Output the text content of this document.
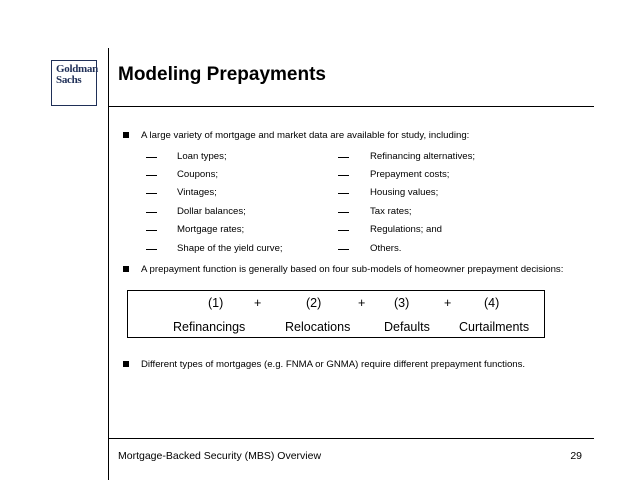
Goldman
Sachs	Modeling Prepayments
A large variety of mortgage and market data are available for study, including:
Loan types;
Coupons;
Vintages;
Dollar balances;
Mortgage rates;
Shape of the yield curve;
Refinancing alternatives;
Prepayment costs;
Housing values;
Tax rates;
Regulations; and
Others.
A prepayment function is generally based on four sub-models of homeowner prepayment decisions:
(1) +	(2)	+ (3)	+	(4)
Refinancings	Relocations	Defaults Curtailments
Different types of mortgages (e.g. FNMA or GNMA) require different prepayment functions.
Mortgage-Backed Security (MBS) Overview	29
